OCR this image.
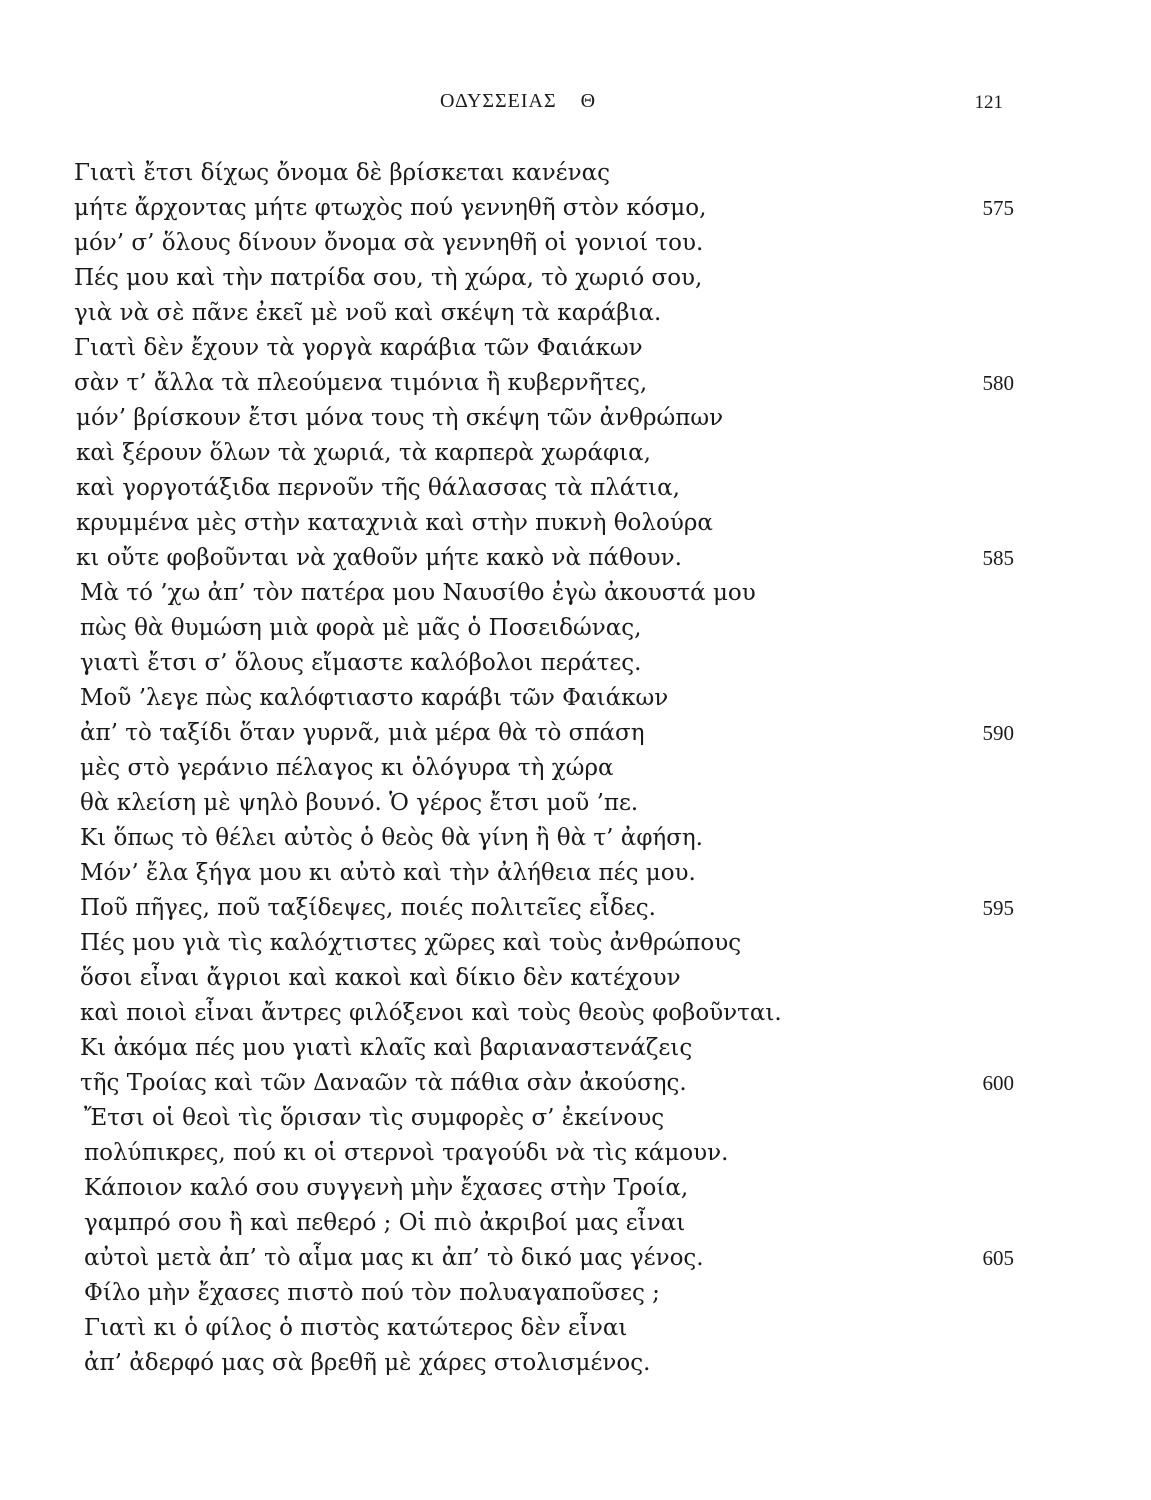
ΟΔΥΣΣΕΙΑΣ Θ	121
Γιατὶ ἔτσι δίχως ὄνομα δὲ βρίσκεται κανένας
μήτε ἄρχοντας μήτε φτωχὸς πού γεννηθῆ στὸν κόσμο,	575
μόν’ σ’ ὅλους δίνουν ὄνομα σὰ γεννηθῆ οἱ γονιοί του.
Πές μου καὶ τὴν πατρίδα σου, τὴ χώρα, τὸ χωριό σου,
γιὰ νὰ σὲ πᾶνε ἐκεῖ μὲ νοῦ καὶ σκέψη τὰ καράβια.
Γιατὶ δὲν ἔχουν τὰ γοργὰ καράβια τῶν Φαιάκων
σὰν τ’ ἄλλα τὰ πλεούμενα τιμόνια ἢ κυβερνῆτες,	580
μόν’ βρίσκουν ἔτσι μόνα τους τὴ σκέψη τῶν ἀνθρώπων
καὶ ξέρουν ὅλων τὰ χωριά, τὰ καρπερὰ χωράφια,
καὶ γοργοτάξιδα περνοῦν τῆς θάλασσας τὰ πλάτια,
κρυμμένα μὲς στὴν καταχνιὰ καὶ στὴν πυκνὴ θολούρα
κι οὔτε φοβοῦνται νὰ χαθοῦν μήτε κακὸ νὰ πάθουν.	585
Μὰ τό ’χω ἀπ’ τὸν πατέρα μου Ναυσίθο ἐγὼ ἀκουστά μου
πὼς θὰ θυμώση μιὰ φορὰ μὲ μᾶς ὁ Ποσειδώνας,
γιατὶ ἔτσι σ’ ὅλους εἴμαστε καλόβολοι περάτες.
Μοῦ ’λεγε πὼς καλόφτιαστο καράβι τῶν Φαιάκων
ἀπ’ τὸ ταξίδι ὅταν γυρνᾶ, μιὰ μέρα θὰ τὸ σπάση	590
μὲς στὸ γεράνιο πέλαγος κι ὁλόγυρα τὴ χώρα
θὰ κλείση μὲ ψηλὸ βουνό. Ὁ γέρος ἔτσι μοῦ ’πε.
Κι ὅπως τὸ θέλει αὐτὸς ὁ θεὸς θὰ γίνη ἢ θὰ τ’ ἀφήση.
Μόν’ ἔλα ξήγα μου κι αὐτὸ καὶ τὴν ἀλήθεια πές μου.
Ποῦ πῆγες, ποῦ ταξίδεψες, ποιές πολιτεῖες εἶδες.	595
Πές μου γιὰ τὶς καλόχτιστες χῶρες καὶ τοὺς ἀνθρώπους
ὅσοι εἶναι ἄγριοι καὶ κακοὶ καὶ δίκιο δὲν κατέχουν
καὶ ποιοὶ εἶναι ἄντρες φιλόξενοι καὶ τοὺς θεοὺς φοβοῦνται.
Κι ἀκόμα πές μου γιατὶ κλαῖς καὶ βαριαναστενάζεις
τῆς Τροίας καὶ τῶν Δαναῶν τὰ πάθια σὰν ἀκούσης.	600
Ἔτσι οἱ θεοὶ τὶς ὅρισαν τὶς συμφορὲς σ’ ἐκείνους
πολύπικρες, πού κι οἱ στερνοὶ τραγούδι νὰ τὶς κάμουν.
Κάποιον καλό σου συγγενὴ μὴν ἔχασες στὴν Τροία,
γαμπρό σου ἢ καὶ πεθερό ; Οἱ πιὸ ἀκριβοί μας εἶναι
αὐτοὶ μετὰ ἀπ’ τὸ αἷμα μας κι ἀπ’ τὸ δικό μας γένος.	605
Φίλο μὴν ἔχασες πιστὸ πού τὸν πολυαγαποῦσες ;
Γιατὶ κι ὁ φίλος ὁ πιστὸς κατώτερος δὲν εἶναι
ἀπ’ ἀδερφό μας σὰ βρεθῆ μὲ χάρες στολισμένος.
